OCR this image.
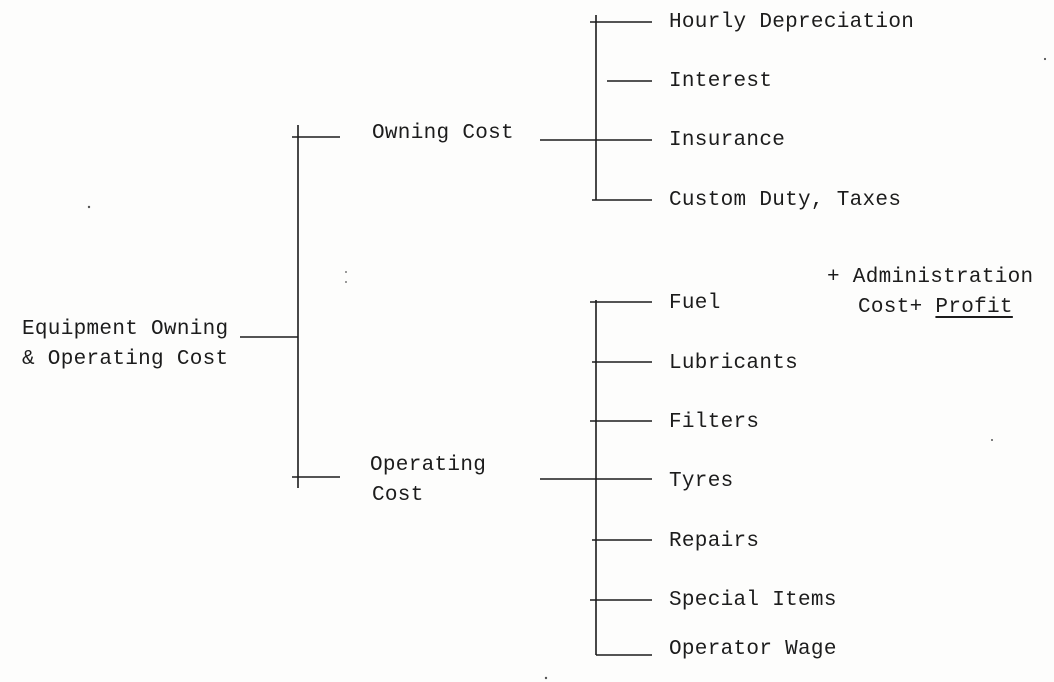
Equipment Owning
& Operating Cost
Owning Cost
Hourly Depreciation
Interest
Insurance
Custom Duty, Taxes
Operating
Cost
Fuel
Lubricants
Filters
Tyres
Repairs
Special Items
Operator Wage
+ Administration
Cost+ Profit
